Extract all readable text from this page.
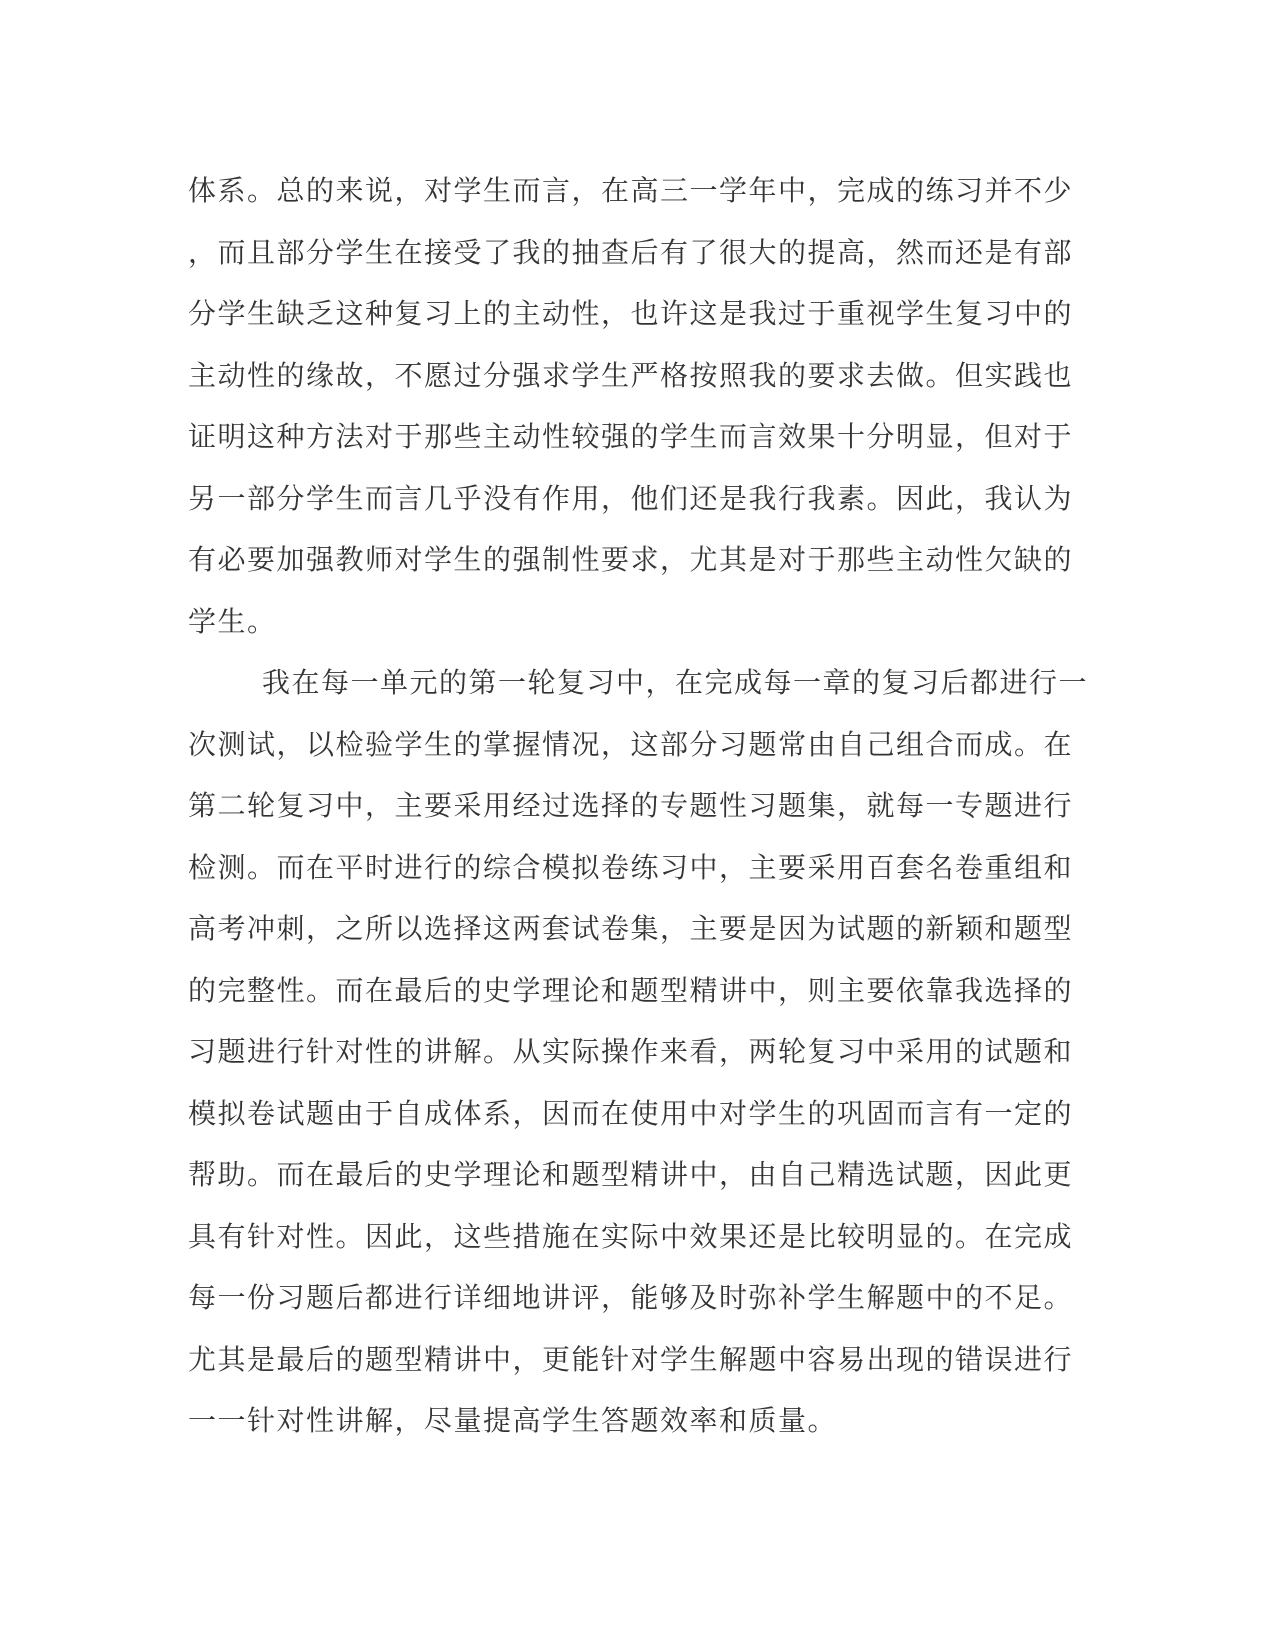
体系。总的来说，对学生而言，在高三一学年中，完成的练习并不少
，而且部分学生在接受了我的抽查后有了很大的提高，然而还是有部
分学生缺乏这种复习上的主动性，也许这是我过于重视学生复习中的
主动性的缘故，不愿过分强求学生严格按照我的要求去做。但实践也
证明这种方法对于那些主动性较强的学生而言效果十分明显，但对于
另一部分学生而言几乎没有作用，他们还是我行我素。因此，我认为
有必要加强教师对学生的强制性要求，尤其是对于那些主动性欠缺的
学生。
我在每一单元的第一轮复习中，在完成每一章的复习后都进行一
次测试，以检验学生的掌握情况，这部分习题常由自己组合而成。在
第二轮复习中，主要采用经过选择的专题性习题集，就每一专题进行
检测。而在平时进行的综合模拟卷练习中，主要采用百套名卷重组和
高考冲刺，之所以选择这两套试卷集，主要是因为试题的新颖和题型
的完整性。而在最后的史学理论和题型精讲中，则主要依靠我选择的
习题进行针对性的讲解。从实际操作来看，两轮复习中采用的试题和
模拟卷试题由于自成体系，因而在使用中对学生的巩固而言有一定的
帮助。而在最后的史学理论和题型精讲中，由自己精选试题，因此更
具有针对性。因此，这些措施在实际中效果还是比较明显的。在完成
每一份习题后都进行详细地讲评，能够及时弥补学生解题中的不足。
尤其是最后的题型精讲中，更能针对学生解题中容易出现的错误进行
一一针对性讲解，尽量提高学生答题效率和质量。
